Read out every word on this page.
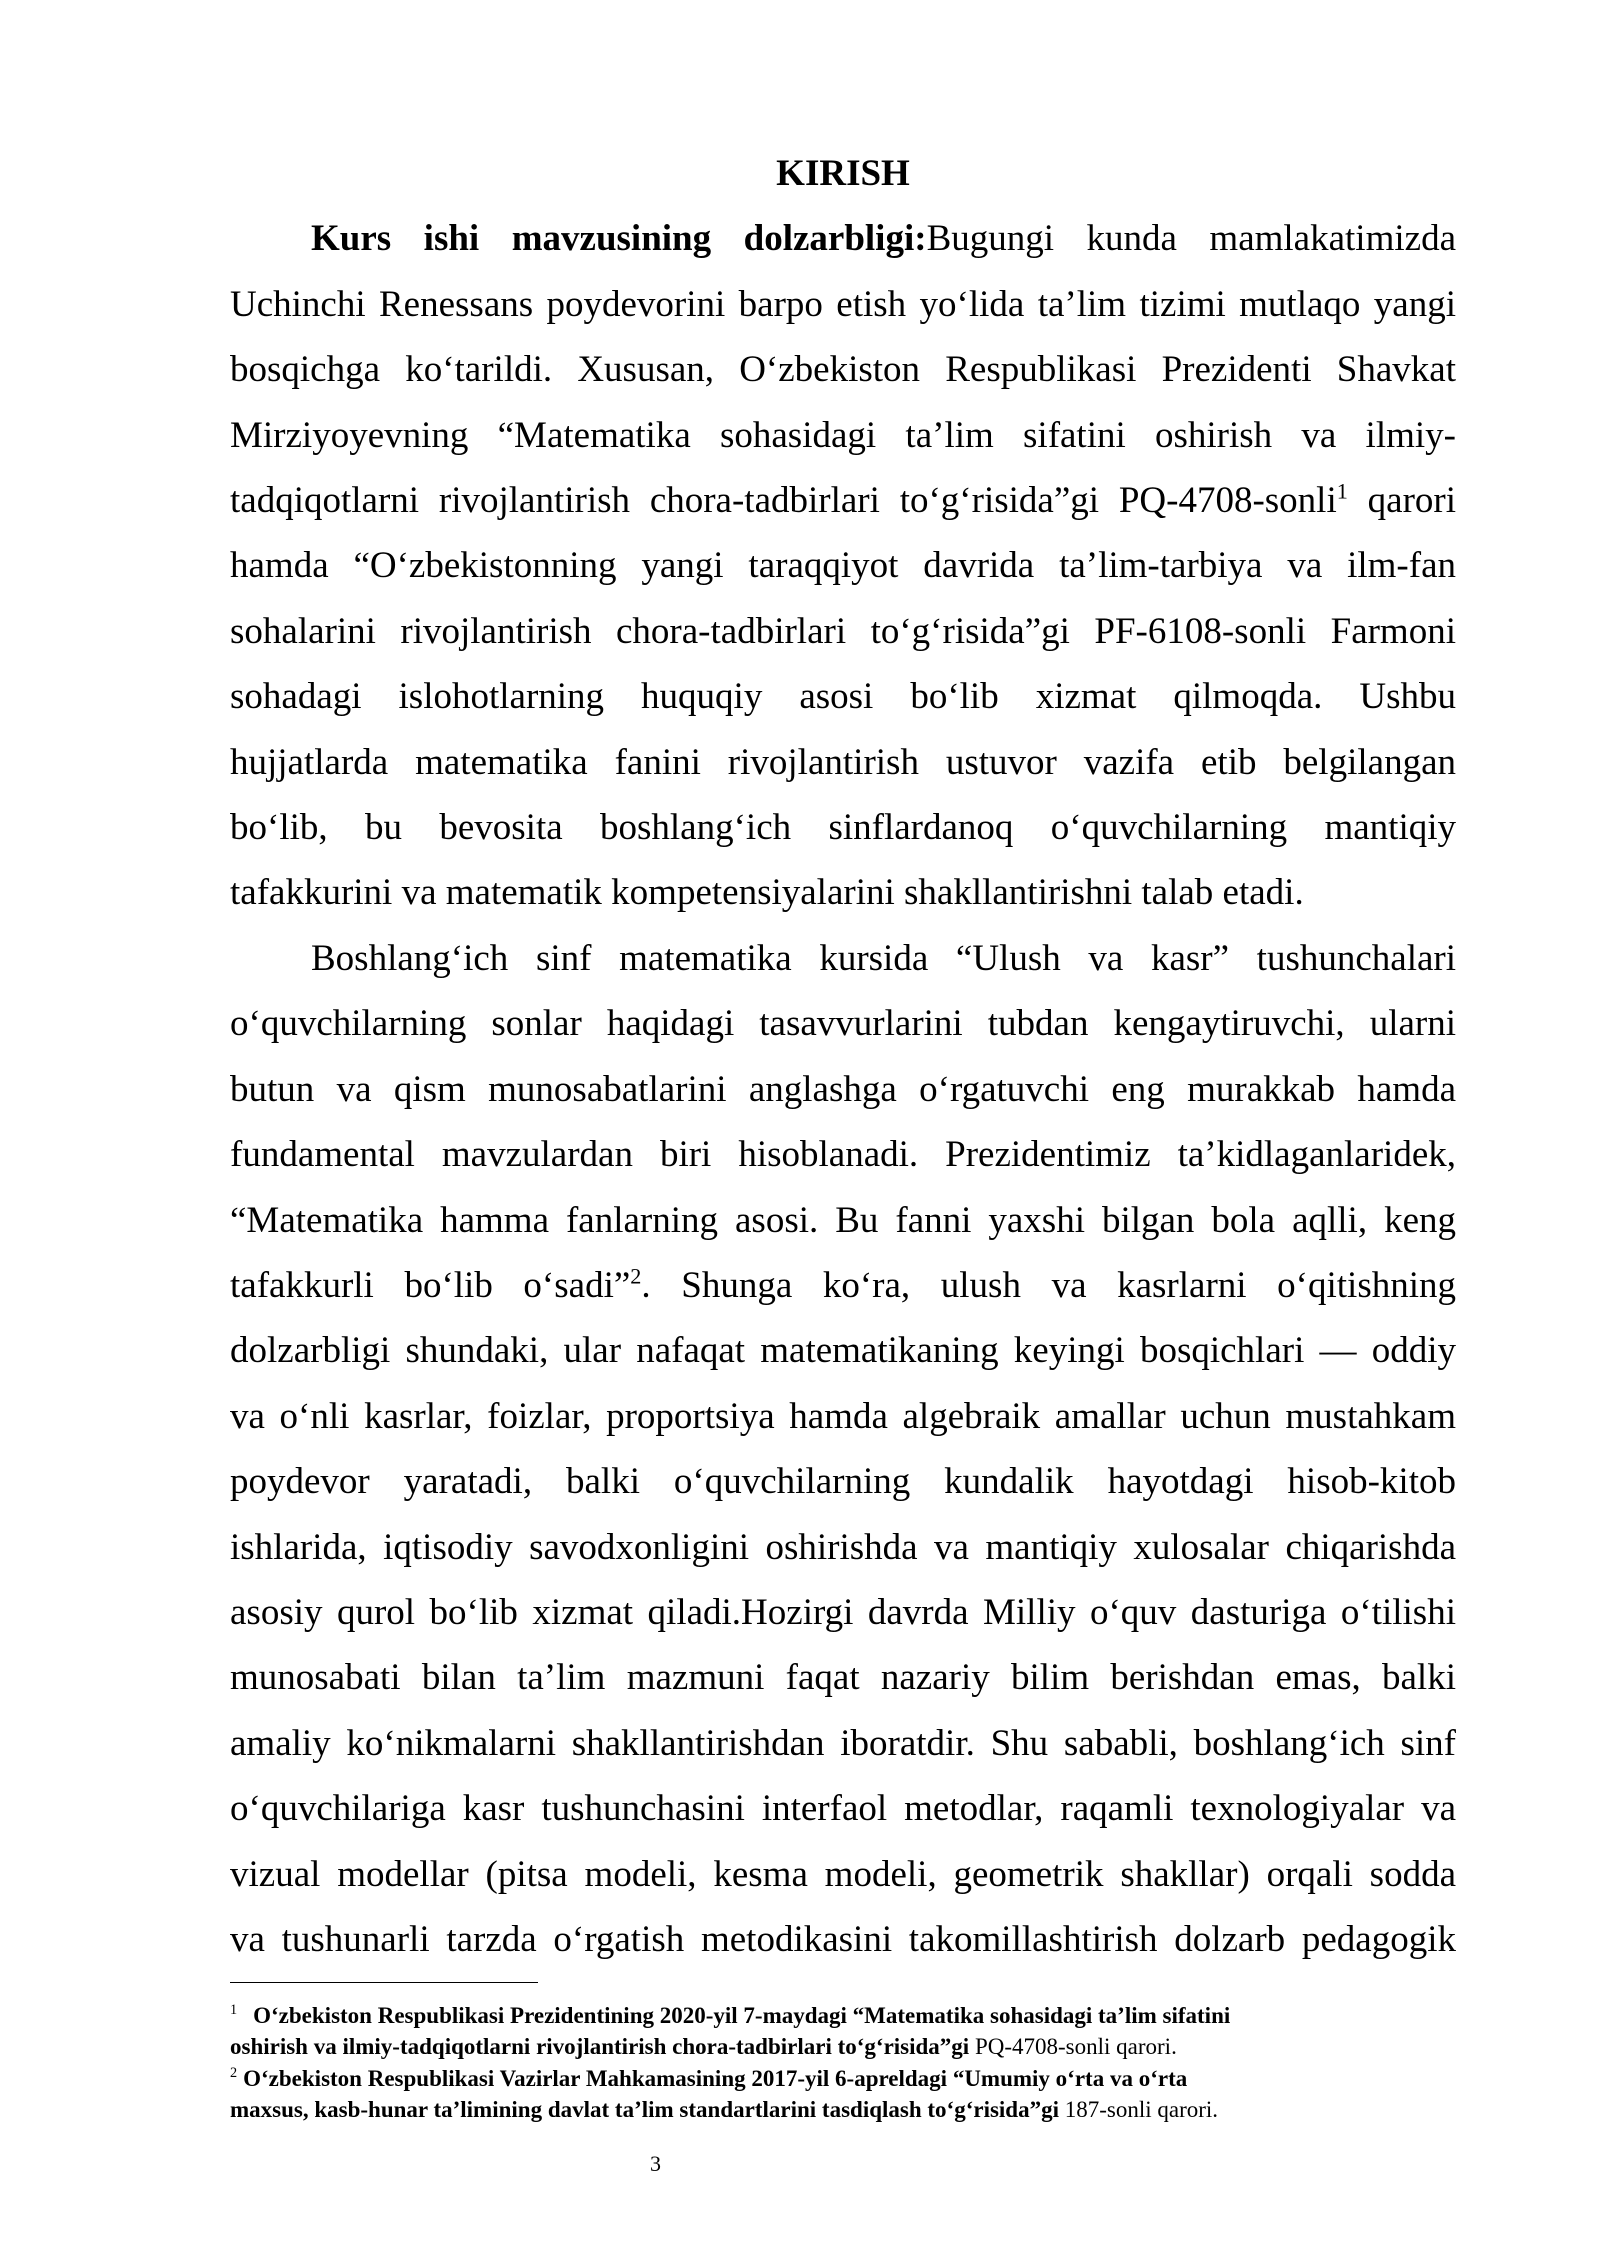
KIRISH
Kurs ishi mavzusining dolzarbligi:Bugungi kunda mamlakatimizda
Uchinchi Renessans poydevorini barpo etish yo‘lida ta’lim tizimi mutlaqo yangi
bosqichga ko‘tarildi. Xususan, O‘zbekiston Respublikasi Prezidenti Shavkat
Mirziyoyevning “Matematika sohasidagi ta’lim sifatini oshirish va ilmiy-
tadqiqotlarni rivojlantirish chora-tadbirlari to‘g‘risida”gi PQ-4708-sonli$^1$ qarori
hamda “O‘zbekistonning yangi taraqqiyot davrida ta’lim-tarbiya va ilm-fan
sohalarini rivojlantirish chora-tadbirlari to‘g‘risida”gi PF-6108-sonli Farmoni
sohadagi islohotlarning huquqiy asosi bo‘lib xizmat qilmoqda. Ushbu
hujjatlarda matematika fanini rivojlantirish ustuvor vazifa etib belgilangan
bo‘lib, bu bevosita boshlang‘ich sinflardanoq o‘quvchilarning mantiqiy
tafakkurini va matematik kompetensiyalarini shakllantirishni talab etadi.
Boshlang‘ich sinf matematika kursida “Ulush va kasr” tushunchalari
o‘quvchilarning sonlar haqidagi tasavvurlarini tubdan kengaytiruvchi, ularni
butun va qism munosabatlarini anglashga o‘rgatuvchi eng murakkab hamda
fundamental mavzulardan biri hisoblanadi. Prezidentimiz ta’kidlaganlaridek,
“Matematika hamma fanlarning asosi. Bu fanni yaxshi bilgan bola aqlli, keng
tafakkurli bo‘lib o‘sadi”$^2$. Shunga ko‘ra, ulush va kasrlarni o‘qitishning
dolzarbligi shundaki, ular nafaqat matematikaning keyingi bosqichlari — oddiy
va o‘nli kasrlar, foizlar, proportsiya hamda algebraik amallar uchun mustahkam
poydevor yaratadi, balki o‘quvchilarning kundalik hayotdagi hisob-kitob
ishlarida, iqtisodiy savodxonligini oshirishda va mantiqiy xulosalar chiqarishda
asosiy qurol bo‘lib xizmat qiladi.Hozirgi davrda Milliy o‘quv dasturiga o‘tilishi
munosabati bilan ta’lim mazmuni faqat nazariy bilim berishdan emas, balki
amaliy ko‘nikmalarni shakllantirishdan iboratdir. Shu sababli, boshlang‘ich sinf
o‘quvchilariga kasr tushunchasini interfaol metodlar, raqamli texnologiyalar va
vizual modellar (pitsa modeli, kesma modeli, geometrik shakllar) orqali sodda
va tushunarli tarzda o‘rgatish metodikasini takomillashtirish dolzarb pedagogik
$^1$ O‘zbekiston Respublikasi Prezidentining 2020-yil 7-maydagi “Matematika sohasidagi ta’lim sifatini
oshirish va ilmiy-tadqiqotlarni rivojlantirish chora-tadbirlari to‘g‘risida”gi PQ-4708-sonli qarori.
$^2$ O‘zbekiston Respublikasi Vazirlar Mahkamasining 2017-yil 6-apreldagi “Umumiy o‘rta va o‘rta
maxsus, kasb-hunar ta’limining davlat ta’lim standartlarini tasdiqlash to‘g‘risida”gi 187-sonli qarori.
3
